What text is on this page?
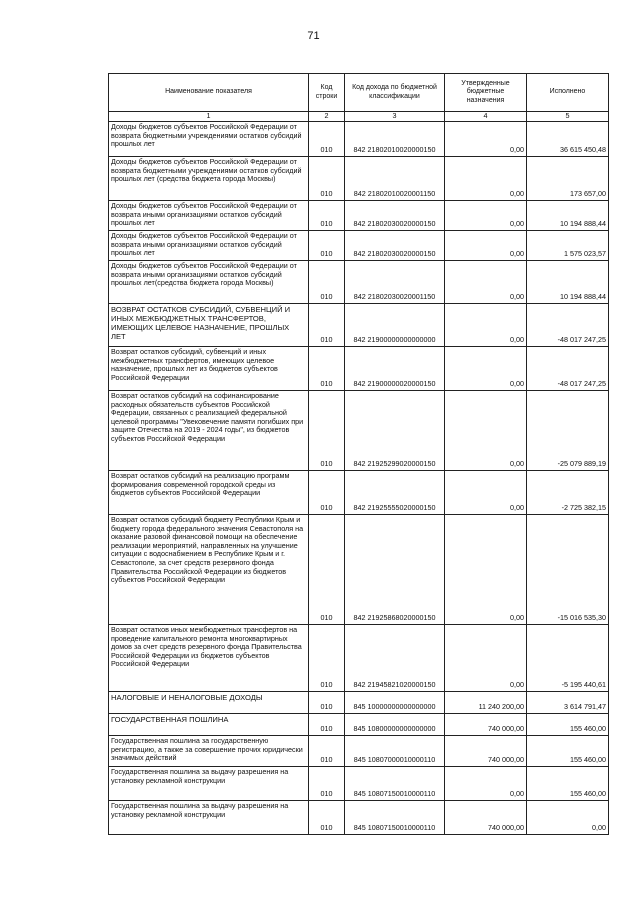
71
Наименование показателя	Код строки	Код дохода по бюджетной классификации	Утвержденные бюджетные назначения	Исполнено
1	2	3	4	5
Доходы бюджетов субъектов Российской Федерации от возврата бюджетными учреждениями остатков субсидий прошлых лет	010	842 21802010020000150	0,00	36 615 450,48
Доходы бюджетов субъектов Российской Федерации от возврата бюджетными учреждениями остатков субсидий прошлых лет (средства бюджета города Москвы)	010	842 21802010020001150	0,00	173 657,00
Доходы бюджетов субъектов Российской Федерации от возврата иными организациями остатков субсидий прошлых лет	010	842 21802030020000150	0,00	10 194 888,44
Доходы бюджетов субъектов Российской Федерации от возврата иными организациями остатков субсидий прошлых лет	010	842 21802030020000150	0,00	1 575 023,57
Доходы бюджетов субъектов Российской Федерации от возврата иными организациями остатков субсидий прошлых лет(средства бюджета города Москвы)	010	842 21802030020001150	0,00	10 194 888,44
ВОЗВРАТ ОСТАТКОВ СУБСИДИЙ, СУБВЕНЦИЙ И ИНЫХ МЕЖБЮДЖЕТНЫХ ТРАНСФЕРТОВ, ИМЕЮЩИХ ЦЕЛЕВОЕ НАЗНАЧЕНИЕ, ПРОШЛЫХ ЛЕТ	010	842 21900000000000000	0,00	-48 017 247,25
Возврат остатков субсидий, субвенций и иных межбюджетных трансфертов, имеющих целевое назначение, прошлых лет из бюджетов субъектов Российской Федерации	010	842 21900000020000150	0,00	-48 017 247,25
Возврат остатков субсидий на софинансирование расходных обязательств субъектов Российской Федерации, связанных с реализацией федеральной целевой программы "Увековечение памяти погибших при защите Отечества на 2019 - 2024 годы", из бюджетов субъектов Российской Федерации	010	842 21925299020000150	0,00	-25 079 889,19
Возврат остатков субсидий на реализацию программ формирования современной городской среды из бюджетов субъектов Российской Федерации	010	842 21925555020000150	0,00	-2 725 382,15
Возврат остатков субсидий бюджету Республики Крым и бюджету города федерального значения Севастополя на оказание разовой финансовой помощи на обеспечение реализации мероприятий, направленных на улучшение ситуации с водоснабжением в Республике Крым и г. Севастополе, за счет средств резервного фонда Правительства Российской Федерации из бюджетов субъектов Российской Федерации	010	842 21925868020000150	0,00	-15 016 535,30
Возврат остатков иных межбюджетных трансфертов на проведение капитального ремонта многоквартирных домов за счет средств резервного фонда Правительства Российской Федерации из бюджетов субъектов Российской Федерации	010	842 21945821020000150	0,00	-5 195 440,61
НАЛОГОВЫЕ И НЕНАЛОГОВЫЕ ДОХОДЫ	010	845 10000000000000000	11 240 200,00	3 614 791,47
ГОСУДАРСТВЕННАЯ ПОШЛИНА	010	845 10800000000000000	740 000,00	155 460,00
Государственная пошлина за государственную регистрацию, а также за совершение прочих юридически значимых действий	010	845 10807000010000110	740 000,00	155 460,00
Государственная пошлина за выдачу разрешения на установку рекламной конструкции	010	845 10807150010000110	0,00	155 460,00
Государственная пошлина за выдачу разрешения на установку рекламной конструкции	010	845 10807150010000110	740 000,00	0,00
